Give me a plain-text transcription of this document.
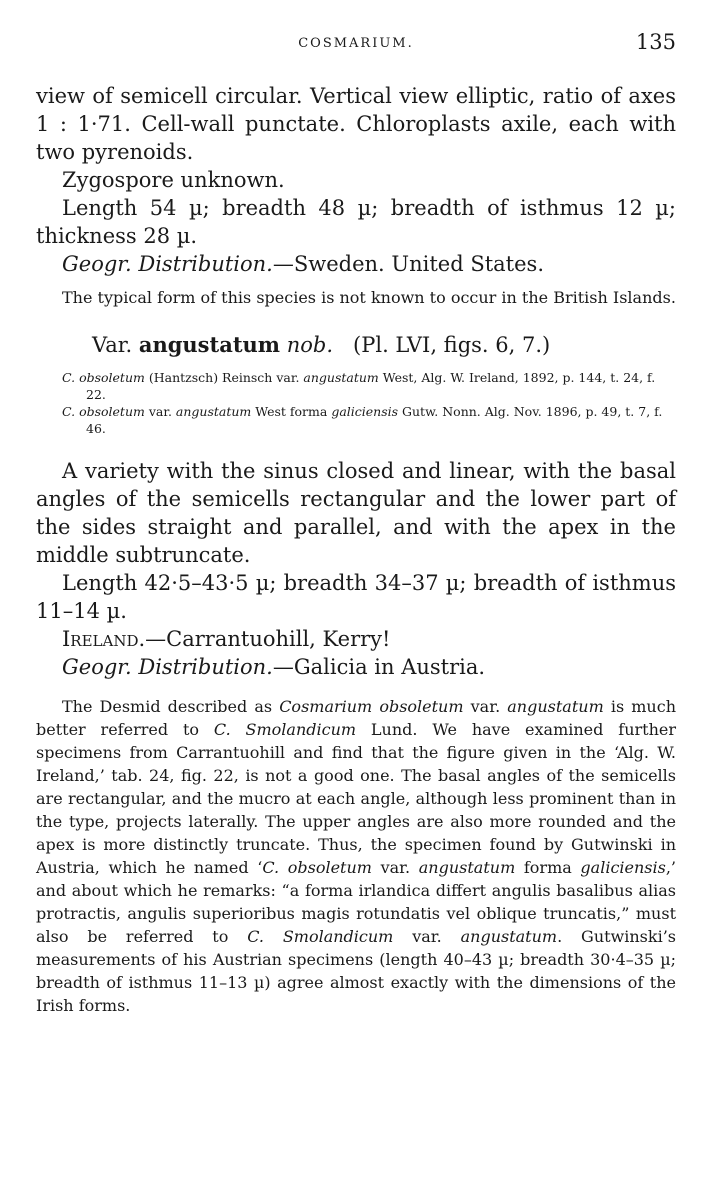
COSMARIUM.	135

view of semicell circular. Vertical view elliptic, ratio of axes 1 : 1·71. Cell-wall punctate. Chloroplasts axile, each with two pyrenoids.

Zygospore unknown.

Length 54 µ; breadth 48 µ; breadth of isthmus 12 µ; thickness 28 µ.

Geogr. Distribution.—Sweden. United States.

The typical form of this species is not known to occur in the British Islands.

Var. angustatum nob. (Pl. LVI, figs. 6, 7.)

C. obsoletum (Hantzsch) Reinsch var. angustatum West, Alg. W. Ireland, 1892, p. 144, t. 24, f. 22.

C. obsoletum var. angustatum West forma galiciensis Gutw. Nonn. Alg. Nov. 1896, p. 49, t. 7, f. 46.

A variety with the sinus closed and linear, with the basal angles of the semicells rectangular and the lower part of the sides straight and parallel, and with the apex in the middle subtruncate.

Length 42·5–43·5 µ; breadth 34–37 µ; breadth of isthmus 11–14 µ.

Ireland.—Carrantuohill, Kerry!

Geogr. Distribution.—Galicia in Austria.

The Desmid described as Cosmarium obsoletum var. angustatum is much better referred to C. Smolandicum Lund. We have examined further specimens from Carrantuohill and find that the figure given in the ‘Alg. W. Ireland,’ tab. 24, fig. 22, is not a good one. The basal angles of the semicells are rectangular, and the mucro at each angle, although less prominent than in the type, projects laterally. The upper angles are also more rounded and the apex is more distinctly truncate. Thus, the specimen found by Gutwinski in Austria, which he named ‘C. obsoletum var. angustatum forma galiciensis,’ and about which he remarks: “a forma irlandica differt angulis basalibus alias protractis, angulis superioribus magis rotundatis vel oblique truncatis,” must also be referred to C. Smolandicum var. angustatum. Gutwinski’s measurements of his Austrian specimens (length 40–43 µ; breadth 30·4–35 µ; breadth of isthmus 11–13 µ) agree almost exactly with the dimensions of the Irish forms.
